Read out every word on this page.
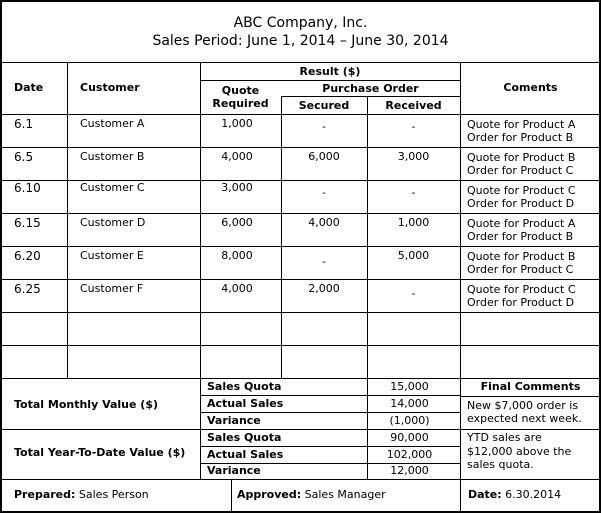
ABC Company, Inc.
Sales Period: June 1, 2014 – June 30, 2014
Date	Customer
Result ($)
Quote
Required
Purchase Order
Secured	Received
Coments
6.1	Customer A	1,000	-	-	Quote for Product A
Order for Product B
6.5	Customer B	4,000	6,000	3,000	Quote for Product B
Order for Product C
6.10	Customer C	3,000	-	-	Quote for Product C
Order for Product D
6.15	Customer D	6,000	4,000	1,000	Quote for Product A
Order for Product B
6.20	Customer E	8,000	-	5,000	Quote for Product B
Order for Product C
6.25	Customer F	4,000	2,000	-	Quote for Product C
Order for Product D
Total Monthly Value ($)
Sales Quota	15,000
Actual Sales	14,000
Variance	(1,000)
Total Year-To-Date Value ($)
Sales Quota	90,000
Actual Sales	102,000
Variance	12,000
Final Comments
New $7,000 order is
expected next week.
YTD sales are
$12,000 above the
sales quota.
Prepared: Sales Person	Approved: Sales Manager	Date: 6.30.2014
